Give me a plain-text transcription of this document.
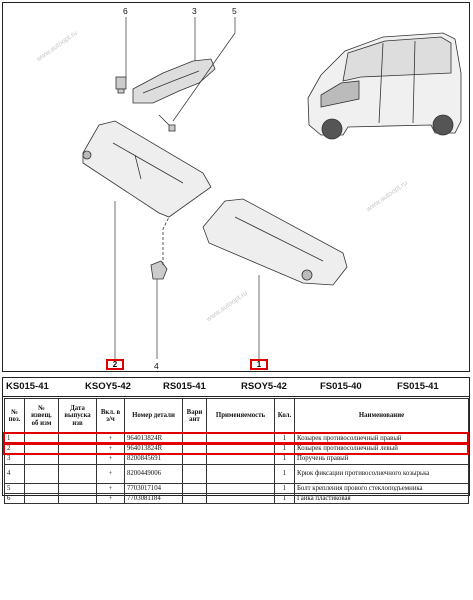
6	3	5
4
2	1
www.autoopt.ru
www.autoopt.ru
www.autoopt.ru
KS015-41	KSOY5-42	RS015-41	RSOY5-42	FS015-40	FS015-41
№ поз.	№ извещ. об изм	Дата выпуска изв	Вкл. в з/ч	Номер детали	Вари ант	Применяемость	Кол.	Наименование
1			+	964013824R			1	Козырек противосолнечный правый
2			+	964013824R			1	Козырек противосолнечный левый
3			+	8200845691			1	Поручень правый
4			+	8200449006			1	Крюк фиксации противосолнечного козырька
5			+	7703017104			1	Болт крепления прового стеклоподъемника
6			+	7703081184			1	Гайка пластиковая
